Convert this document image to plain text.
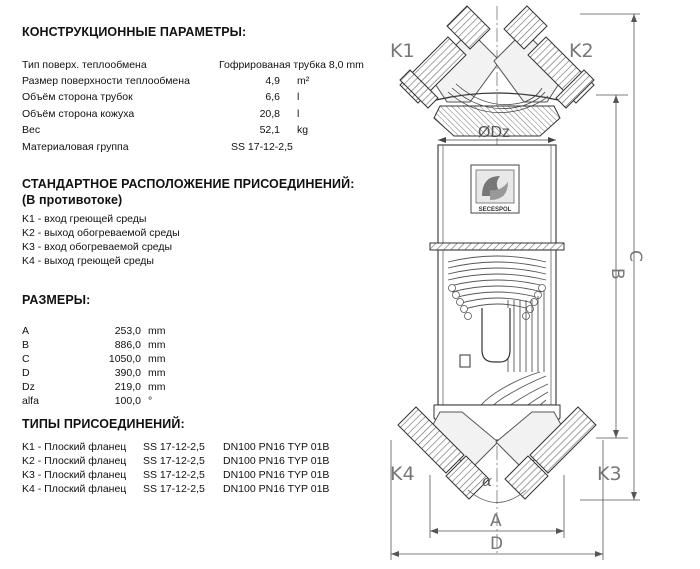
КОНСТРУКЦИОННЫЕ ПАРАМЕТРЫ:
Тип поверх. теплообмена	Гофрированая трубка 8,0 mm
Размер поверхности теплообмена	4,9 m²
Объём сторона трубок	6,6 l
Объём сторона кожуха	20,8 l
Вес	52,1 kg
Материаловая группа	SS 17-12-2,5
СТАНДАРТНОЕ РАСПОЛОЖЕНИЕ ПРИСОЕДИНЕНИЙ:
(В противотоке)
K1 - вход греющей среды
K2 - выход обогреваемой среды
K3 - вход обогреваемой среды
K4 - выход греющей среды
РАЗМЕРЫ:
A	253,0 mm
B	886,0 mm
C	1050,0 mm
D	390,0 mm
Dz	219,0 mm
alfa	100,0 °
ТИПЫ ПРИСОЕДИНЕНИЙ:
K1 - Плоский фланец SS 17-12-2,5 DN100 PN16 TYP 01B
K2 - Плоский фланец SS 17-12-2,5 DN100 PN16 TYP 01B
K3 - Плоский фланец SS 17-12-2,5 DN100 PN16 TYP 01B
K4 - Плоский фланец SS 17-12-2,5 DN100 PN16 TYP 01B
ØDz
SECESPOL
α
K1	K2
K3
K4
B
C
A
D
